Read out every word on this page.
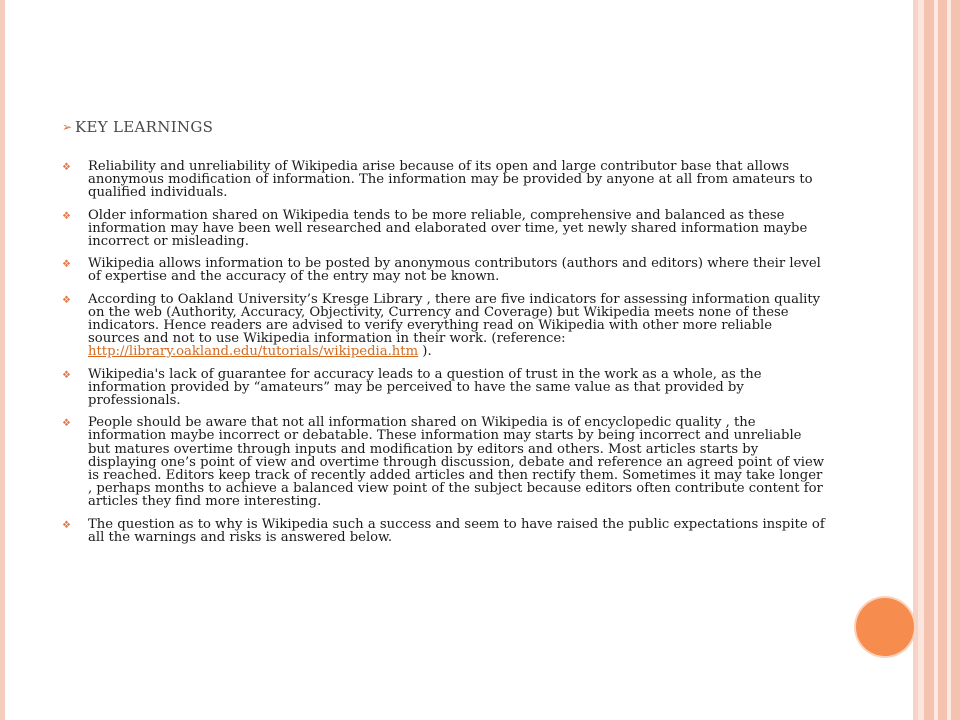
➢ KEY LEARNINGS
❖	Reliability and unreliability of Wikipedia arise because of its open and large contributor base that allows anonymous modification of information. The information may be provided by anyone at all from amateurs to qualified individuals.
❖	Older information shared on Wikipedia tends to be more reliable, comprehensive and balanced as these information may have been well researched and elaborated over time, yet newly shared information maybe incorrect or misleading.
❖	Wikipedia allows information to be posted by anonymous contributors (authors and editors) where their level of expertise and the accuracy of the entry may not be known.
❖	According to Oakland University’s Kresge Library , there are five indicators for assessing information quality on the web (Authority, Accuracy, Objectivity, Currency and Coverage) but Wikipedia meets none of these indicators. Hence readers are advised to verify everything read on Wikipedia with other more reliable sources and not to use Wikipedia information in their work. (reference: http://library.oakland.edu/tutorials/wikipedia.htm ).
❖	Wikipedia's lack of guarantee for accuracy leads to a question of trust in the work as a whole, as the information provided by “amateurs” may be perceived to have the same value as that provided by professionals.
❖	People should be aware that not all information shared on Wikipedia is of encyclopedic quality , the information maybe incorrect or debatable. These information may starts by being incorrect and unreliable but matures overtime through inputs and modification by editors and others. Most articles starts by displaying one’s point of view and overtime through discussion, debate and reference an agreed point of view is reached. Editors keep track of recently added articles and then rectify them. Sometimes it may take longer , perhaps months to achieve a balanced view point of the subject because editors often contribute content for articles they find more interesting.
❖	The question as to why is Wikipedia such a success and seem to have raised the public expectations inspite of all the warnings and risks is answered below.
